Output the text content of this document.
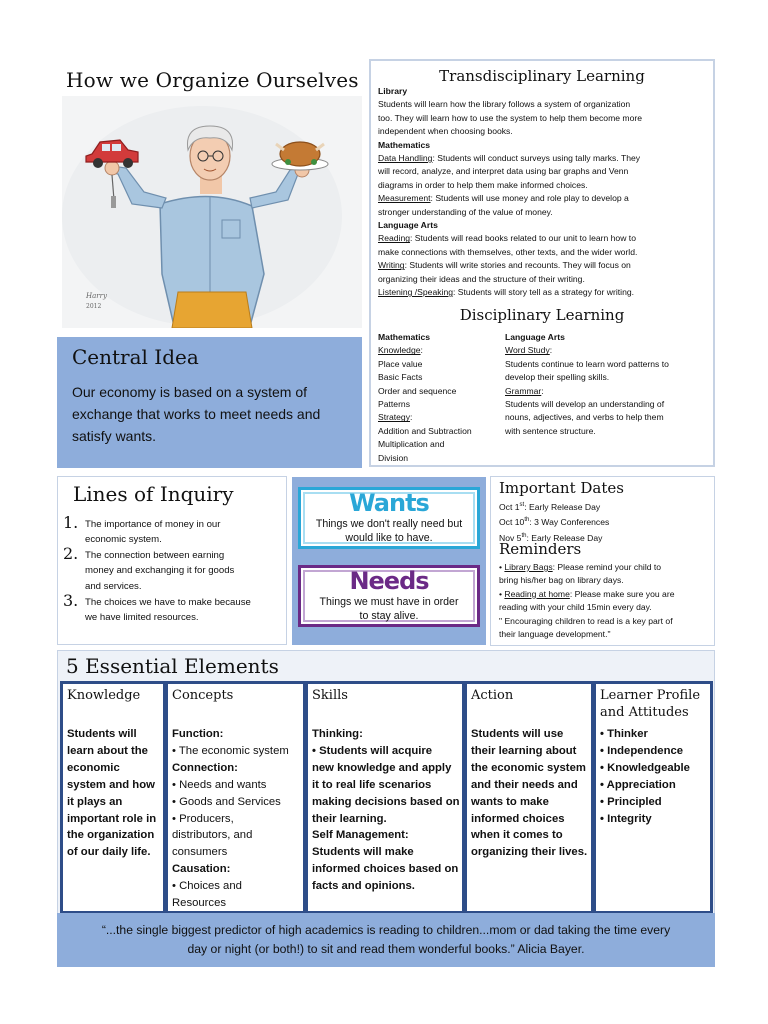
How we Organize Ourselves
Harry
2012
Transdisciplinary Learning
Library
Students will learn how the library follows a system of organization
too. They will learn how to use the system to help them become more
independent when choosing books.
Mathematics
Data Handling: Students will conduct surveys using tally marks. They
will record, analyze, and interpret data using bar graphs and Venn
diagrams in order to help them make informed choices.
Measurement: Students will use money and role play to develop a
stronger understanding of the value of money.
Language Arts
Reading: Students will read books related to our unit to learn how to
make connections with themselves, other texts, and the wider world.
Writing: Students will write stories and recounts. They will focus on
organizing their ideas and the structure of their writing.
Listening /Speaking: Students will story tell as a strategy for writing.
Disciplinary Learning
Mathematics
Knowledge:
Place value
Basic Facts
Order and sequence
Patterns
Strategy:
Addition and Subtraction
Multiplication and
Division
Language Arts
Word Study:
Students continue to learn word patterns to
develop their spelling skills.
Grammar:
Students will develop an understanding of
nouns, adjectives, and verbs to help them
with sentence structure.
Central Idea
Our economy is based on a system of exchange that works to meet needs and satisfy wants.
Lines of Inquiry
1. The importance of money in our
economic system.
2. The connection between earning
money and exchanging it for goods
and services.
3. The choices we have to make because
we have limited resources.
Wants
Things we don't really need but
would like to have.
Needs
Things we must have in order
to stay alive.
Important Dates
Oct 1st: Early Release Day
Oct 10th: 3 Way Conferences
Nov 5th: Early Release Day
Reminders
• Library Bags: Please remind your child to
bring his/her bag on library days.
• Reading at home: Please make sure you are
reading with your child 15min every day.
" Encouraging children to read is a key part of
their language development."
5 Essential Elements
Knowledge
Students will
learn about the
economic
system and how
it plays an
important role in
the organization
of our daily life.
Concepts
Function:
• The economic system
Connection:
• Needs and wants
• Goods and Services
• Producers,
distributors, and
consumers
Causation:
• Choices and
Resources
Skills
Thinking:
• Students will acquire
new knowledge and apply
it to real life scenarios
making decisions based on
their learning.
Self Management:
Students will make
informed choices based on
facts and opinions.
Action
Students will use
their learning about
the economic system
and their needs and
wants to make
informed choices
when it comes to
organizing their lives.
Learner Profile
and Attitudes
• Thinker
• Independence
• Knowledgeable
• Appreciation
• Principled
• Integrity
“...the single biggest predictor of high academics is reading to children...mom or dad taking the time every
day or night (or both!) to sit and read them wonderful books.” Alicia Bayer.
